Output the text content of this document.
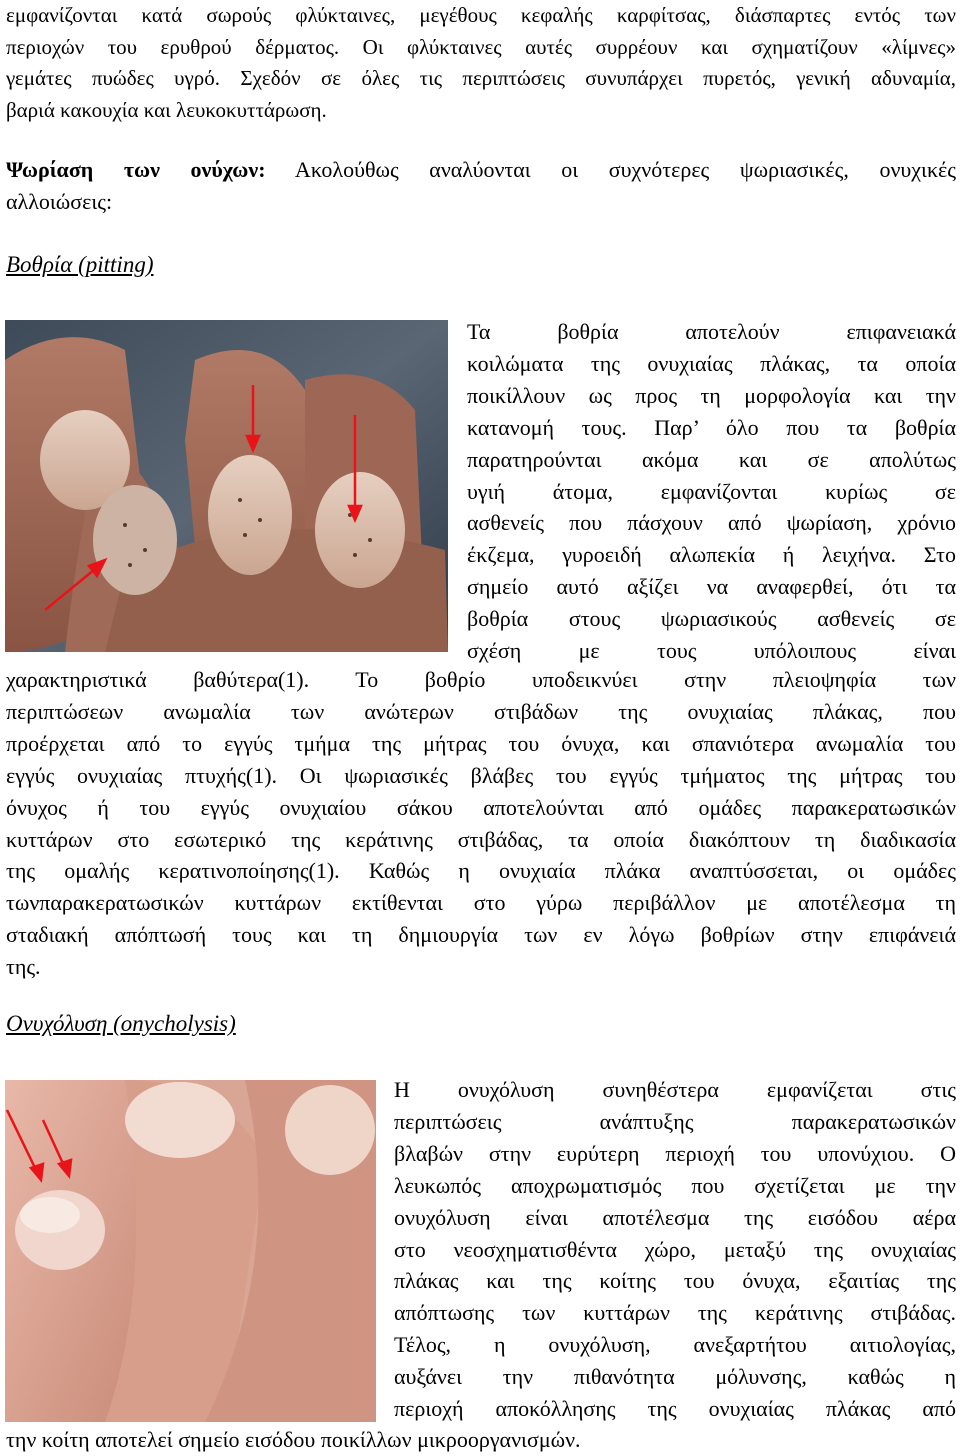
εμφανίζονται κατά σωρούς φλύκταινες, μεγέθους κεφαλής καρφίτσας, διάσπαρτες εντός των
περιοχών του ερυθρού δέρματος. Οι φλύκταινες αυτές συρρέουν και σχηματίζουν «λίμνες»
γεμάτες πυώδες υγρό. Σχεδόν σε όλες τις περιπτώσεις συνυπάρχει πυρετός, γενική αδυναμία,
βαριά κακουχία και λευκοκυττάρωση.
Ψωρίαση των ονύχων: Ακολούθως αναλύονται οι συχνότερες ψωριασικές, ονυχικές
αλλοιώσεις:
Βοθρία (pitting)
Τα βοθρία αποτελούν επιφανειακά
κοιλώματα της ονυχιαίας πλάκας, τα οποία
ποικίλλουν ως προς τη μορφολογία και την
κατανομή τους. Παρ’ όλο που τα βοθρία
παρατηρούνται ακόμα και σε απολύτως
υγιή άτομα, εμφανίζονται κυρίως σε
ασθενείς που πάσχουν από ψωρίαση, χρόνιο
έκζεμα, γυροειδή αλωπεκία ή λειχήνα. Στο
σημείο αυτό αξίζει να αναφερθεί, ότι τα
βοθρία στους ψωριασικούς ασθενείς σε
σχέση με τους υπόλοιπους είναι
χαρακτηριστικά βαθύτερα(1). Το βοθρίο υποδεικνύει στην πλειοψηφία των
περιπτώσεων ανωμαλία των ανώτερων στιβάδων της ονυχιαίας πλάκας, που
προέρχεται από το εγγύς τμήμα της μήτρας του όνυχα, και σπανιότερα ανωμαλία του
εγγύς ονυχιαίας πτυχής(1). Οι ψωριασικές βλάβες του εγγύς τμήματος της μήτρας του
όνυχος ή του εγγύς ονυχιαίου σάκου αποτελούνται από ομάδες παρακερατωσικών
κυττάρων στο εσωτερικό της κεράτινης στιβάδας, τα οποία διακόπτουν τη διαδικασία
της ομαλής κερατινοποίησης(1). Καθώς η ονυχιαία πλάκα αναπτύσσεται, οι ομάδες
τωνπαρακερατωσικών κυττάρων εκτίθενται στο γύρω περιβάλλον με αποτέλεσμα τη
σταδιακή απόπτωσή τους και τη δημιουργία των εν λόγω βοθρίων στην επιφάνειά
της.
Ονυχόλυση (onycholysis)
Η ονυχόλυση συνηθέστερα εμφανίζεται στις
περιπτώσεις ανάπτυξης παρακερατωσικών
βλαβών στην ευρύτερη περιοχή του υπονύχιου. Ο
λευκωπός αποχρωματισμός που σχετίζεται με την
ονυχόλυση είναι αποτέλεσμα της εισόδου αέρα
στο νεοσχηματισθέντα χώρο, μεταξύ της ονυχιαίας
πλάκας και της κοίτης του όνυχα, εξαιτίας της
απόπτωσης των κυττάρων της κεράτινης στιβάδας.
Τέλος, η ονυχόλυση, ανεξαρτήτου αιτιολογίας,
αυξάνει την πιθανότητα μόλυνσης, καθώς η
περιοχή αποκόλλησης της ονυχιαίας πλάκας από
την κοίτη αποτελεί σημείο εισόδου ποικίλλων μικροοργανισμών.
